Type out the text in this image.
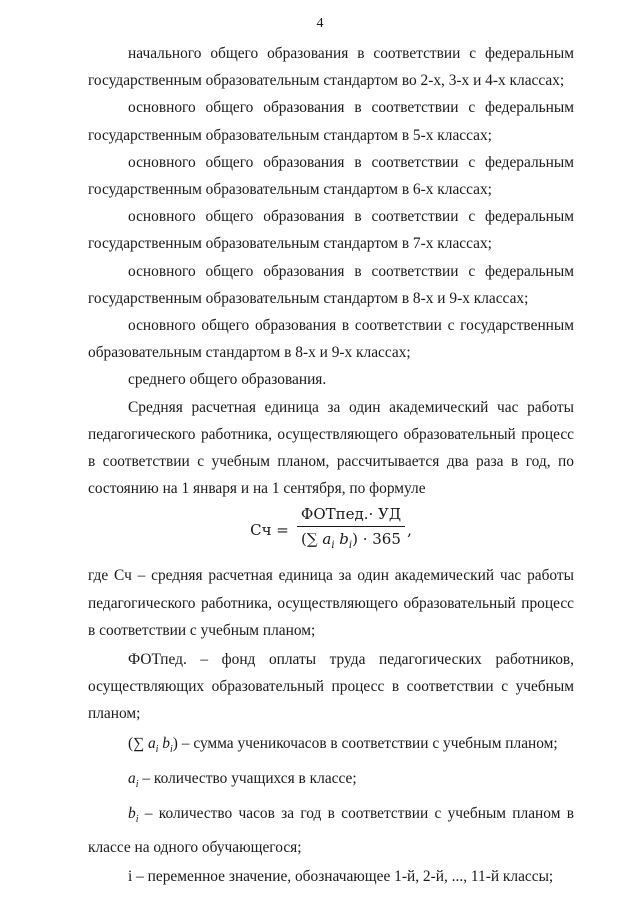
4

начального общего образования в соответствии с федеральным государственным образовательным стандартом во 2-х, 3-х и 4-х классах;

основного общего образования в соответствии с федеральным государственным образовательным стандартом в 5-х классах;

основного общего образования в соответствии с федеральным государственным образовательным стандартом в 6-х классах;

основного общего образования в соответствии с федеральным государственным образовательным стандартом в 7-х классах;

основного общего образования в соответствии с федеральным государственным образовательным стандартом в 8-х и 9-х классах;

основного общего образования в соответствии с государственным образовательным стандартом в 8-х и 9-х классах;

среднего общего образования.

Средняя расчетная единица за один академический час работы педагогического работника, осуществляющего образовательный процесс в соответствии с учебным планом, рассчитывается два раза в год, по состоянию на 1 января и на 1 сентября, по формуле

Сч = $\frac{\text{ФОТпед.· УД}}{(\sum a_i b_i) \cdot 365}$ ,

где Сч – средняя расчетная единица за один академический час работы педагогического работника, осуществляющего образовательный процесс в соответствии с учебным планом;

ФОТпед. – фонд оплаты труда педагогических работников, осуществляющих образовательный процесс в соответствии с учебным планом;

(∑ $a_i$ $b_i$) – сумма ученикочасов в соответствии с учебным планом;

$a_i$ – количество учащихся в классе;

$b_i$ – количество часов за год в соответствии с учебным планом в классе на одного обучающегося;

i – переменное значение, обозначающее 1-й, 2-й, ..., 11-й классы;
